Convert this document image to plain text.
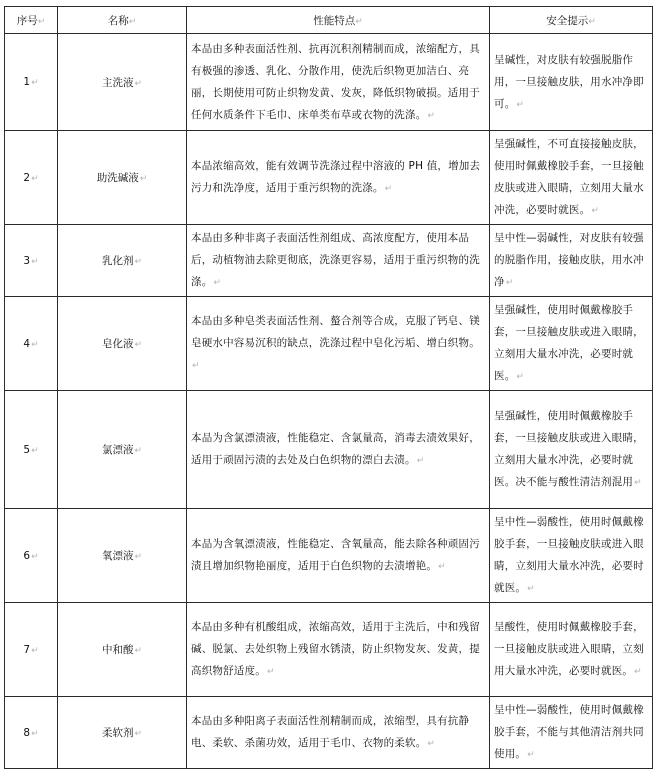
序号↵	名称↵	性能特点↵	安全提示↵
1↵	主洗液↵	本品由多种表面活性剂、抗再沉积剂精制而成，浓缩配方，具有极强的渗透、乳化、分散作用，使洗后织物更加洁白、亮丽，长期使用可防止织物发黄、发灰，降低织物破损。适用于任何水质条件下毛巾、床单类布草或衣物的洗涤。↵	呈碱性，对皮肤有较强脱脂作用，一旦接触皮肤，用水冲净即可。↵
2↵	助洗碱液↵	本品浓缩高效，能有效调节洗涤过程中溶液的 PH 值，增加去污力和洗净度，适用于重污织物的洗涤。↵	呈强碱性，不可直接接触皮肤，使用时佩戴橡胶手套，一旦接触皮肤或进入眼睛，立刻用大量水冲洗，必要时就医。↵
3↵	乳化剂↵	本品由多种非离子表面活性剂组成、高浓度配方，使用本品后，动植物油去除更彻底，洗涤更容易，适用于重污织物的洗涤。↵	呈中性—弱碱性，对皮肤有较强的脱脂作用，接触皮肤，用水冲净↵
4↵	皂化液↵	本品由多种皂类表面活性剂、螯合剂等合成，克服了钙皂、镁皂硬水中容易沉积的缺点，洗涤过程中皂化污垢、增白织物。↵	呈强碱性，使用时佩戴橡胶手套，一旦接触皮肤或进入眼睛，立刻用大量水冲洗，必要时就医。↵
5↵	氯漂液↵	本品为含氯漂渍液，性能稳定、含氯量高，消毒去渍效果好，适用于顽固污渍的去处及白色织物的漂白去渍。↵	呈强碱性，使用时佩戴橡胶手套，一旦接触皮肤或进入眼睛，立刻用大量水冲洗，必要时就医。决不能与酸性清洁剂混用↵
6↵	氧漂液↵	本品为含氧漂渍液，性能稳定、含氧量高，能去除各种顽固污渍且增加织物艳丽度，适用于白色织物的去渍增艳。↵	呈中性—弱酸性，使用时佩戴橡胶手套，一旦接触皮肤或进入眼睛，立刻用大量水冲洗，必要时就医。↵
7↵	中和酸↵	本品由多种有机酸组成，浓缩高效，适用于主洗后，中和残留碱、脱氯、去处织物上残留水锈渍，防止织物发灰、发黄，提高织物舒适度。↵	呈酸性，使用时佩戴橡胶手套，一旦接触皮肤或进入眼睛，立刻用大量水冲洗，必要时就医。↵
8↵	柔软剂↵	本品由多种阳离子表面活性剂精制而成，浓缩型，具有抗静电、柔软、杀菌功效，适用于毛巾、衣物的柔软。↵	呈中性—弱酸性，使用时佩戴橡胶手套，不能与其他清洁剂共同使用。↵
